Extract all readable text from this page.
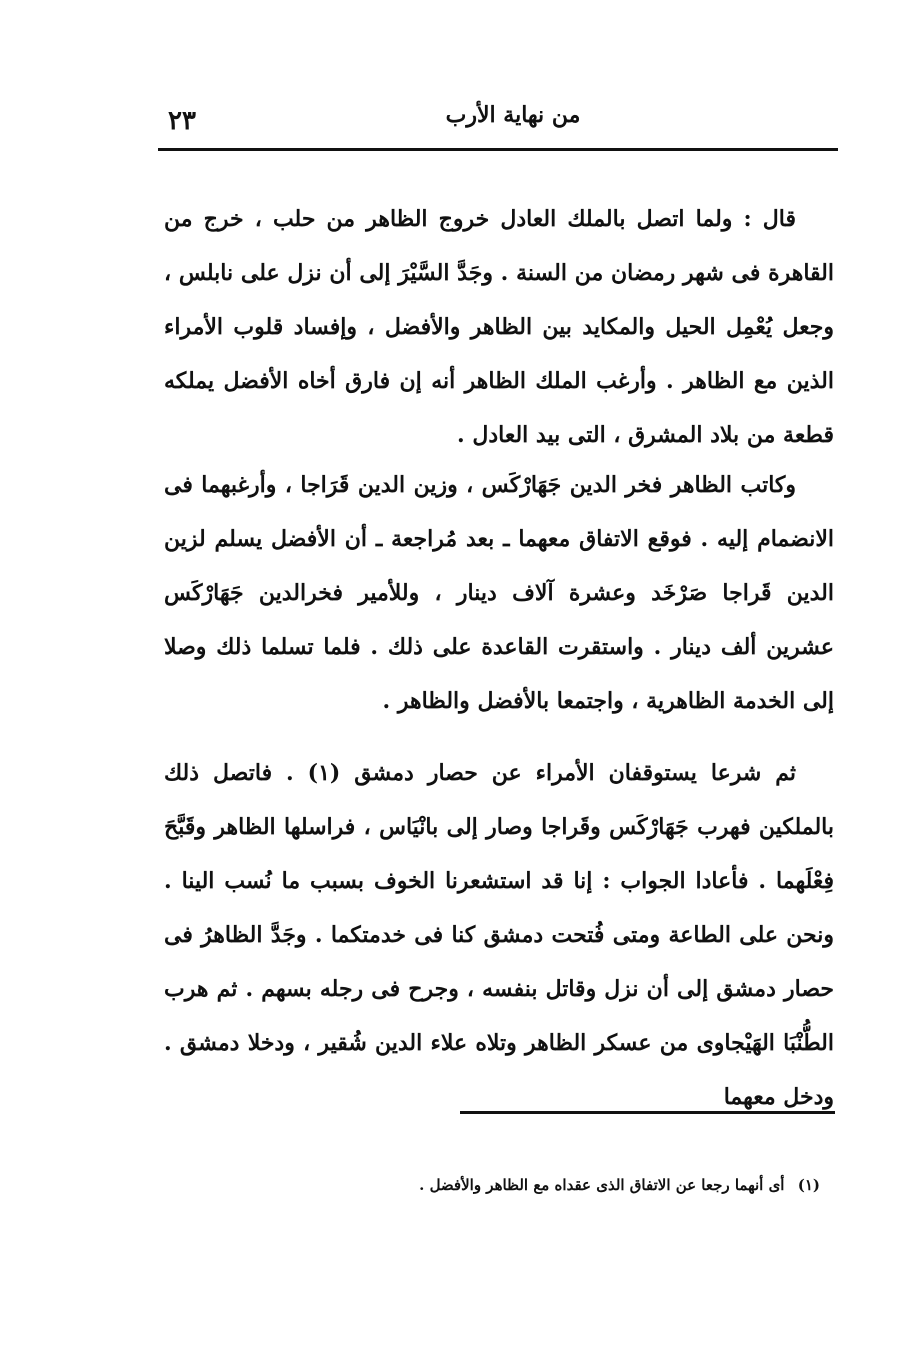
٢٣	من نهاية الأرب

قال : ولما اتصل بالملك العادل خروج الظاهر من حلب ، خرج من القاهرة فى شهر رمضان من السنة . وجَدَّ السَّيْرَ إلى أن نزل على نابلس ، وجعل يُعْمِل الحيل والمكايد بين الظاهر والأفضل ، وإفساد قلوب الأمراء الذين مع الظاهر . وأرغب الملك الظاهر أنه إن فارق أخاه الأفضل يملكه قطعة من بلاد المشرق ، التى بيد العادل .

وكاتب الظاهر فخر الدين جَهَارْكَس ، وزين الدين قَرَاجا ، وأرغبهما فى الانضمام إليه . فوقع الاتفاق معهما ـ بعد مُراجعة ـ أن الأفضل يسلم لزين الدين قَراجا صَرْخَد وعشرة آلاف دينار ، وللأمير فخرالدين جَهَارْكَس عشرين ألف دينار . واستقرت القاعدة على ذلك . فلما تسلما ذلك وصلا إلى الخدمة الظاهرية ، واجتمعا بالأفضل والظاهر .

ثم شرعا يستوقفان الأمراء عن حصار دمشق (١) . فاتصل ذلك بالملكين فهرب جَهَارْكَس وقَراجا وصار إلى بانْيَاس ، فراسلها الظاهر وقَبَّحَ فِعْلَهما . فأعادا الجواب : إنا قد استشعرنا الخوف بسبب ما نُسب الينا . ونحن على الطاعة ومتى فُتحت دمشق كنا فى خدمتكما . وجَدَّ الظاهرُ فى حصار دمشق إلى أن نزل وقاتل بنفسه ، وجرح فى رجله بسهم . ثم هرب الطُّنْبَا الهَيْجاوى من عسكر الظاهر وتلاه علاء الدين شُقير ، ودخلا دمشق . ودخل معهما

(١) أى أنهما رجعا عن الاتفاق الذى عقداه مع الظاهر والأفضل .
